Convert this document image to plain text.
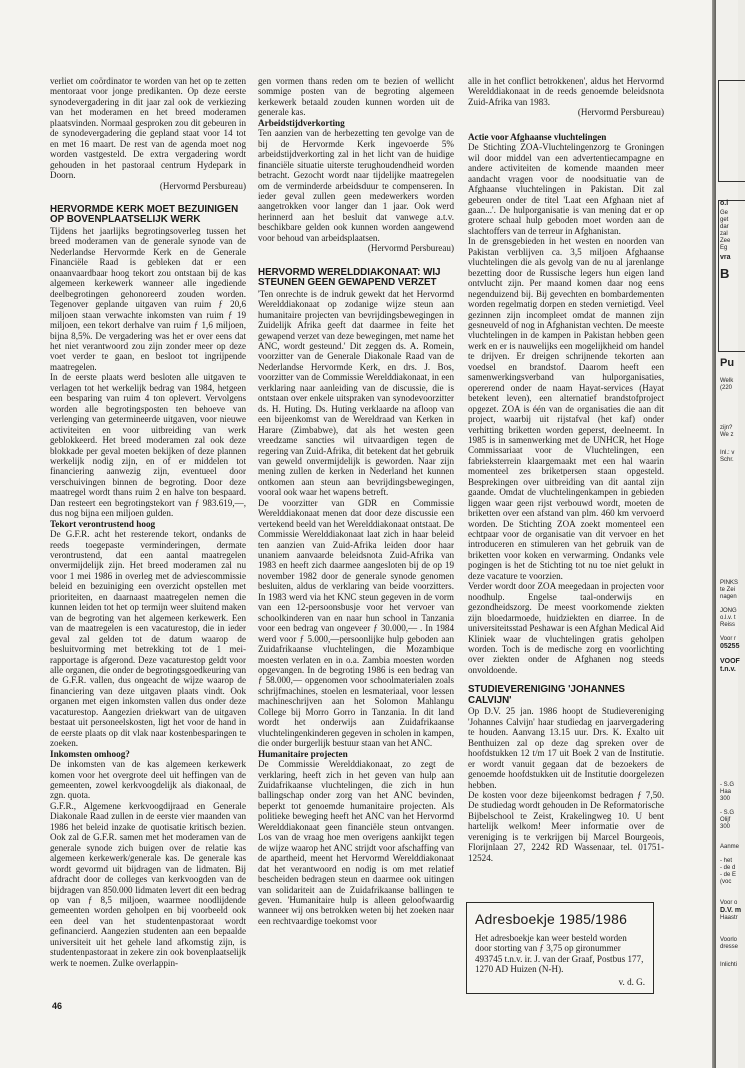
verliet om coördinator te worden van het op te zetten mentoraat voor jonge predikanten. Op deze eerste synodevergadering in dit jaar zal ook de verkiezing van het moderamen en het breed moderamen plaatsvinden. Normaal gesproken zou dit gebeuren in de synodevergadering die gepland staat voor 14 tot en met 16 maart. De rest van de agenda moet nog worden vastgesteld. De extra vergadering wordt gehouden in het pastoraal centrum Hydepark in Doorn.

(Hervormd Persbureau)

HERVORMDE KERK MOET BEZUINIGEN OP BOVENPLAATSELIJK WERK

Tijdens het jaarlijks begrotingsoverleg tussen het breed moderamen van de generale synode van de Nederlandse Hervormde Kerk en de Generale Financiële Raad is gebleken dat er een onaanvaardbaar hoog tekort zou ontstaan bij de kas algemeen kerkewerk wanneer alle ingediende deelbegrotingen gehonoreerd zouden worden. Tegenover geplande uitgaven van ruim ƒ 20,6 miljoen staan verwachte inkomsten van ruim ƒ 19 miljoen, een tekort derhalve van ruim ƒ 1,6 miljoen, bijna 8,5%. De vergadering was het er over eens dat het niet verantwoord zou zijn zonder meer op deze voet verder te gaan, en besloot tot ingrijpende maatregelen.

In de eerste plaats werd besloten alle uitgaven te verlagen tot het werkelijk bedrag van 1984, hetgeen een besparing van ruim 4 ton oplevert. Vervolgens worden alle begrotingsposten ten behoeve van verlenging van getermineerde uitgaven, voor nieuwe activiteiten en voor uitbreiding van werk geblokkeerd. Het breed moderamen zal ook deze blokkade per geval moeten bekijken of deze plannen werkelijk nodig zijn, en of er middelen tot financiering aanwezig zijn, eventueel door verschuivingen binnen de begroting. Door deze maatregel wordt thans ruim 2 en halve ton bespaard. Dan resteert een begrotingstekort van ƒ 983.619,—, dus nog bijna een miljoen gulden.

Tekort verontrustend hoog

De G.F.R. acht het resterende tekort, ondanks de reeds toegepaste verminderingen, dermate verontrustend, dat een aantal maatregelen onvermijdelijk zijn. Het breed moderamen zal nu voor 1 mei 1986 in overleg met de adviescommissie beleid en bezuiniging een overzicht opstellen met prioriteiten, en daarnaast maatregelen nemen die kunnen leiden tot het op termijn weer sluitend maken van de begroting van het algemeen kerkewerk. Een van de maatregelen is een vacaturestop, die in ieder geval zal gelden tot de datum waarop de besluitvorming met betrekking tot de 1 mei-rapportage is afgerond. Deze vacaturestop geldt voor alle organen, die onder de begrotingsgoedkeuring van de G.F.R. vallen, dus ongeacht de wijze waarop de financiering van deze uitgaven plaats vindt. Ook organen met eigen inkomsten vallen dus onder deze vacaturestop. Aangezien driekwart van de uitgaven bestaat uit personeelskosten, ligt het voor de hand in de eerste plaats op dit vlak naar kostenbesparingen te zoeken.

Inkomsten omhoog?

De inkomsten van de kas algemeen kerkewerk komen voor het overgrote deel uit heffingen van de gemeenten, zowel kerkvoogdelijk als diakonaal, de zgn. quota.

G.F.R., Algemene kerkvoogdijraad en Generale Diakonale Raad zullen in de eerste vier maanden van 1986 het beleid inzake de quotisatie kritisch bezien. Ook zal de G.F.R. samen met het moderamen van de generale synode zich buigen over de relatie kas algemeen kerkewerk/generale kas. De generale kas wordt gevormd uit bijdragen van de lidmaten. Bij afdracht door de colleges van kerkvoogden van de bijdragen van 850.000 lidmaten levert dit een bedrag op van ƒ 8,5 miljoen, waarmee noodlijdende gemeenten worden geholpen en bij voorbeeld ook een deel van het studentenpastoraat wordt gefinancierd. Aangezien studenten aan een bepaalde universiteit uit het gehele land afkomstig zijn, is studentenpastoraat in zekere zin ook bovenplaatselijk werk te noemen. Zulke overlappin-

gen vormen thans reden om te bezien of wellicht sommige posten van de begroting algemeen kerkewerk betaald zouden kunnen worden uit de generale kas.

Arbeidstijdverkorting

Ten aanzien van de herbezetting ten gevolge van de bij de Hervormde Kerk ingevoerde 5% arbeidstijdverkorting zal in het licht van de huidige financiële situatie uiterste terughoudendheid worden betracht. Gezocht wordt naar tijdelijke maatregelen om de verminderde arbeidsduur te compenseren. In ieder geval zullen geen medewerkers worden aangetrokken voor langer dan 1 jaar. Ook werd herinnerd aan het besluit dat vanwege a.t.v. beschikbare gelden ook kunnen worden aangewend voor behoud van arbeidsplaatsen.

(Hervormd Persbureau)

HERVORMD WERELDDIAKONAAT: WIJ STEUNEN GEEN GEWAPEND VERZET

'Ten onrechte is de indruk gewekt dat het Hervormd Werelddiakonaat op zodanige wijze steun aan humanitaire projecten van bevrijdingsbewegingen in Zuidelijk Afrika geeft dat daarmee in feite het gewapend verzet van deze bewegingen, met name het ANC, wordt gesteund.' Dit zeggen ds. A. Romein, voorzitter van de Generale Diakonale Raad van de Nederlandse Hervormde Kerk, en drs. J. Bos, voorzitter van de Commissie Werelddiakonaat, in een verklaring naar aanleiding van de discussie, die is ontstaan over enkele uitspraken van synodevoorzitter ds. H. Huting. Ds. Huting verklaarde na afloop van een bijeenkomst van de Wereldraad van Kerken in Harare (Zimbabwe), dat als het westen geen vreedzame sancties wil uitvaardigen tegen de regering van Zuid-Afrika, dit betekent dat het gebruik van geweld onvermijdelijk is geworden. Naar zijn mening zullen de kerken in Nederland het kunnen ontkomen aan steun aan bevrijdingsbewegingen, vooral ook waar het wapens betreft.

De voorzitter van GDR en Commissie Werelddiakonaat menen dat door deze discussie een vertekend beeld van het Werelddiakonaat ontstaat. De Commissie Werelddiakonaat laat zich in haar beleid ten aanzien van Zuid-Afrika leiden door haar unaniem aanvaarde beleidsnota Zuid-Afrika van 1983 en heeft zich daarmee aangesloten bij de op 19 november 1982 door de generale synode genomen besluiten, aldus de verklaring van beide voorzitters. In 1983 werd via het KNC steun gegeven in de vorm van een 12-persoonsbusje voor het vervoer van schoolkinderen van en naar hun school in Tanzania voor een bedrag van ongeveer ƒ 30.000,— . In 1984 werd voor ƒ 5.000,—persoonlijke hulp geboden aan Zuidafrikaanse vluchtelingen, die Mozambique moesten verlaten en in o.a. Zambia moesten worden opgevangen. In de begroting 1986 is een bedrag van ƒ 58.000,— opgenomen voor schoolmaterialen zoals schrijfmachines, stoelen en lesmateriaal, voor lessen machineschrijven aan het Solomon Mahlangu College bij Morro Gorro in Tanzania. In dit land wordt het onderwijs aan Zuidafrikaanse vluchtelingenkinderen gegeven in scholen in kampen, die onder burgerlijk bestuur staan van het ANC.

Humanitaire projecten

De Commissie Werelddiakonaat, zo zegt de verklaring, heeft zich in het geven van hulp aan Zuidafrikaanse vluchtelingen, die zich in hun ballingschap onder zorg van het ANC bevinden, beperkt tot genoemde humanitaire projecten. Als politieke beweging heeft het ANC van het Hervormd Werelddiakonaat geen financiële steun ontvangen. Los van de vraag hoe men overigens aankijkt tegen de wijze waarop het ANC strijdt voor afschaffing van de apartheid, meent het Hervormd Werelddiakonaat dat het verantwoord en nodig is om met relatief bescheiden bedragen steun en daarmee ook uitingen van solidariteit aan de Zuidafrikaanse ballingen te geven. 'Humanitaire hulp is alleen geloofwaardig wanneer wij ons betrokken weten bij het zoeken naar een rechtvaardige toekomst voor

alle in het conflict betrokkenen', aldus het Hervormd Werelddiakonaat in de reeds genoemde beleidsnota Zuid-Afrika van 1983.

(Hervormd Persbureau)

Actie voor Afghaanse vluchtelingen

De Stichting ZOA-Vluchtelingenzorg te Groningen wil door middel van een advertentiecampagne en andere activiteiten de komende maanden meer aandacht vragen voor de noodsituatie van de Afghaanse vluchtelingen in Pakistan. Dit zal gebeuren onder de titel 'Laat een Afghaan niet af gaan...'. De hulporganisatie is van mening dat er op grotere schaal hulp geboden moet worden aan de slachtoffers van de terreur in Afghanistan.

In de grensgebieden in het westen en noorden van Pakistan verblijven ca. 3,5 miljoen Afghaanse vluchtelingen die als gevolg van de nu al jarenlange bezetting door de Russische legers hun eigen land ontvlucht zijn. Per maand komen daar nog eens negenduizend bij. Bij gevechten en bombardementen worden regelmatig dorpen en steden vernietigd. Veel gezinnen zijn incompleet omdat de mannen zijn gesneuveld of nog in Afghanistan vechten. De meeste vluchtelingen in de kampen in Pakistan hebben geen werk en er is nauwelijks een mogelijkheid om handel te drijven. Er dreigen schrijnende tekorten aan voedsel en brandstof. Daarom heeft een samenwerkingsverband van hulporganisaties, opererend onder de naam Hayat-services (Hayat betekent leven), een alternatief brandstofproject opgezet. ZOA is één van de organisaties die aan dit project, waarbij uit rijstafval (het kaf) onder verhitting briketten worden geperst, deelneemt. In 1985 is in samenwerking met de UNHCR, het Hoge Commissariaat voor de Vluchtelingen, een fabrieksterrein klaargemaakt met een hal waarin momenteel zes briketpersen staan opgesteld. Besprekingen over uitbreiding van dit aantal zijn gaande. Omdat de vluchtelingenkampen in gebieden liggen waar geen rijst verbouwd wordt, moeten de briketten over een afstand van plm. 460 km vervoerd worden. De Stichting ZOA zoekt momenteel een echtpaar voor de organisatie van dit vervoer en het introduceren en stimuleren van het gebruik van de briketten voor koken en verwarming. Ondanks vele pogingen is het de Stichting tot nu toe niet gelukt in deze vacature te voorzien.

Verder wordt door ZOA meegedaan in projecten voor noodhulp. Engelse taal-onderwijs en gezondheidszorg. De meest voorkomende ziekten zijn bloedarmoede, huidziekten en diarree. In de universiteitsstad Peshawar is een Afghan Medical Aid Kliniek waar de vluchtelingen gratis geholpen worden. Toch is de medische zorg en voorlichting over ziekten onder de Afghanen nog steeds onvoldoende.

STUDIEVERENIGING 'JOHANNES CALVIJN'

Op D.V. 25 jan. 1986 hoopt de Studievereniging 'Johannes Calvijn' haar studiedag en jaarvergadering te houden. Aanvang 13.15 uur. Drs. K. Exalto uit Benthuizen zal op deze dag spreken over de hoofdstukken 12 t/m 17 uit Boek 2 van de Institutie. er wordt vanuit gegaan dat de bezoekers de genoemde hoofdstukken uit de Institutie doorgelezen hebben.

De kosten voor deze bijeenkomst bedragen ƒ 7,50. De studiedag wordt gehouden in De Reformatorische Bijbelschool te Zeist, Krakelingweg 10. U bent hartelijk welkom! Meer informatie over de vereniging is te verkrijgen bij Marcel Bourgeois, Florijnlaan 27, 2242 RD Wassenaar, tel. 01751-12524.

Adresboekje 1985/1986
Het adresboekje kan weer besteld worden door storting van ƒ 3,75 op gironummer 493745 t.n.v. ir. J. van der Graaf, Postbus 177, 1270 AD Huizen (N-H).
v. d. G.
46
o.l
Ge
get
dar
zal
Zee
Eg
vra
B
Pu
Welk
(220
zijn?
We z
Inl.: v
Schr.
PINKS
te Zei
nagen
JONG
o.l.v. t
Reiss
Voor r
05255
VOOF
t.n.v.
- S.G
Haa
300
- S.G
Olijf
300
Aanme
- het
- de d
- de E
(voc
Voor o
D.V. m
Haastr
Voorlo
dresse
Inlichti
